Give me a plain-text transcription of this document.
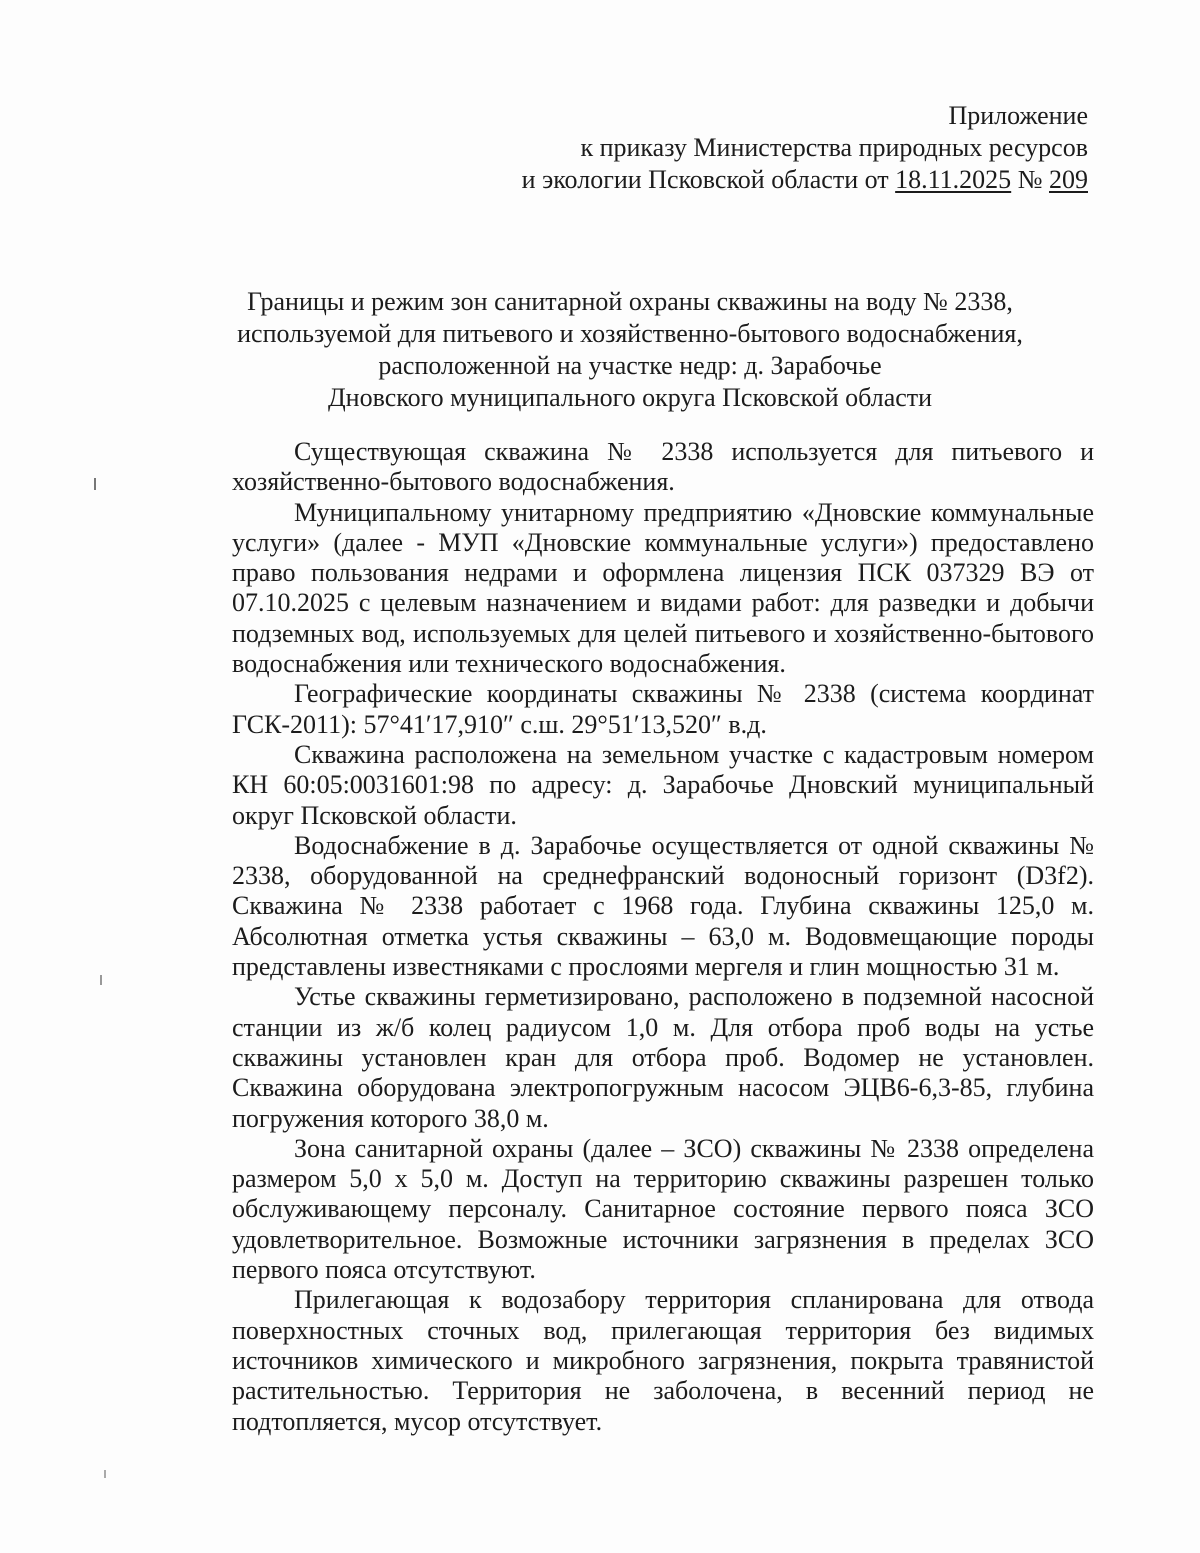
Приложение
к приказу Министерства природных ресурсов
и экологии Псковской области от 18.11.2025 № 209
Границы и режим зон санитарной охраны скважины на воду № 2338,
используемой для питьевого и хозяйственно-бытового водоснабжения,
расположенной на участке недр: д. Зарабочье
Дновского муниципального округа Псковской области

Существующая скважина № 2338 используется для питьевого и хозяйственно-бытового водоснабжения.

Муниципальному унитарному предприятию «Дновские коммунальные услуги» (далее - МУП «Дновские коммунальные услуги») предоставлено право пользования недрами и оформлена лицензия ПСК 037329 ВЭ от 07.10.2025 с целевым назначением и видами работ: для разведки и добычи подземных вод, используемых для целей питьевого и хозяйственно-бытового водоснабжения или технического водоснабжения.

Географические координаты скважины № 2338 (система координат ГСК-2011): 57°41′17,910″ с.ш. 29°51′13,520″ в.д.

Скважина расположена на земельном участке с кадастровым номером КН 60:05:0031601:98 по адресу: д. Зарабочье Дновский муниципальный округ Псковской области.

Водоснабжение в д. Зарабочье осуществляется от одной скважины № 2338, оборудованной на среднефранский водоносный горизонт (D3f2). Скважина № 2338 работает с 1968 года. Глубина скважины 125,0 м. Абсолютная отметка устья скважины – 63,0 м. Водовмещающие породы представлены известняками с прослоями мергеля и глин мощностью 31 м.

Устье скважины герметизировано, расположено в подземной насосной станции из ж/б колец радиусом 1,0 м. Для отбора проб воды на устье скважины установлен кран для отбора проб. Водомер не установлен. Скважина оборудована электропогружным насосом ЭЦВ6-6,3-85, глубина погружения которого 38,0 м.

Зона санитарной охраны (далее – ЗСО) скважины № 2338 определена размером 5,0 х 5,0 м. Доступ на территорию скважины разрешен только обслуживающему персоналу. Санитарное состояние первого пояса ЗСО удовлетворительное. Возможные источники загрязнения в пределах ЗСО первого пояса отсутствуют.

Прилегающая к водозабору территория спланирована для отвода поверхностных сточных вод, прилегающая территория без видимых источников химического и микробного загрязнения, покрыта травянистой растительностью. Территория не заболочена, в весенний период не подтопляется, мусор отсутствует.
